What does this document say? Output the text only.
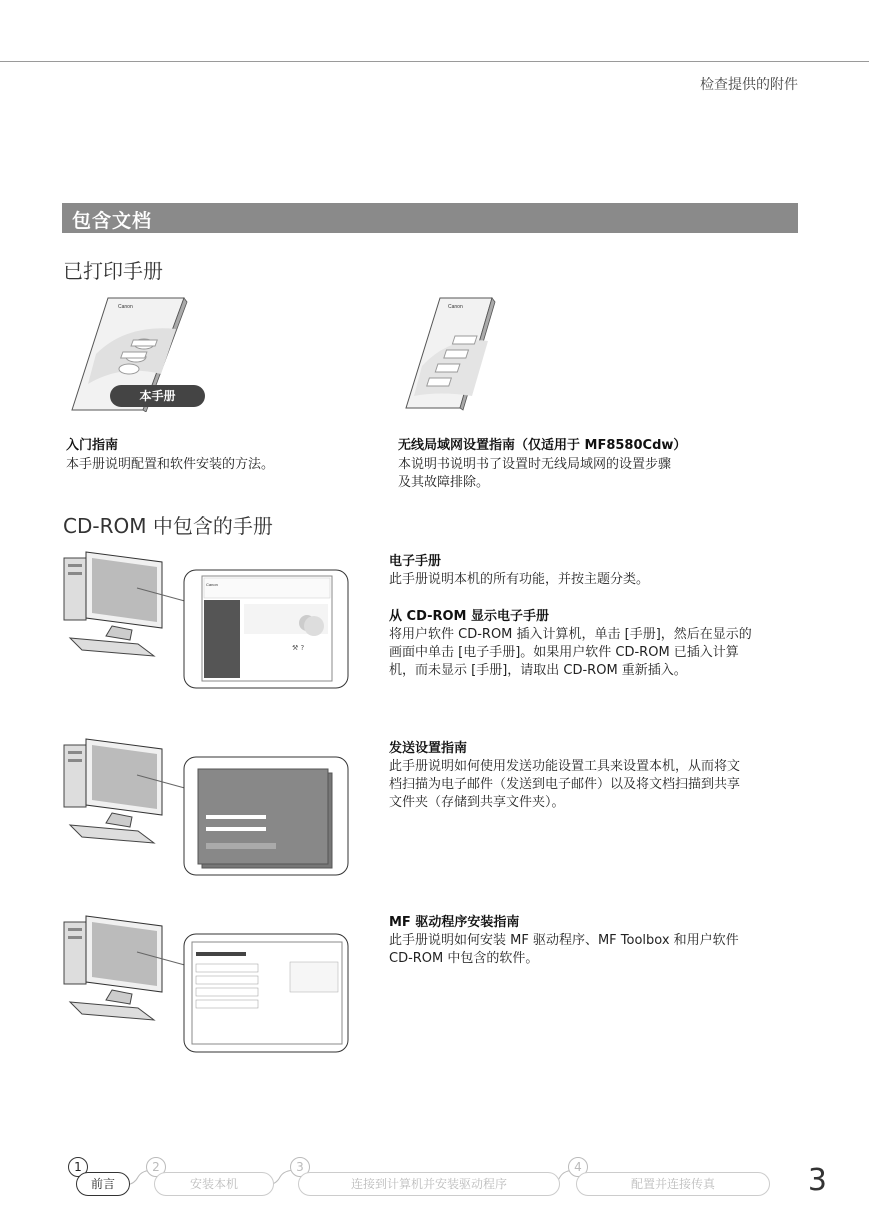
检查提供的附件
包含文档
已打印手册
Canon
本手册
Canon
入门指南
本手册说明配置和软件安装的方法。
无线局域网设置指南（仅适用于 MF8580Cdw）
本说明书说明书了设置时无线局域网的设置步骤
及其故障排除。
CD-ROM 中包含的手册
Canon
⚒ ?
电子手册
此手册说明本机的所有功能，并按主题分类。
从 CD-ROM 显示电子手册
将用户软件 CD-ROM 插入计算机，单击 [手册]，然后在显示的
画面中单击 [电子手册]。如果用户软件 CD-ROM 已插入计算
机，而未显示 [手册]，请取出 CD-ROM 重新插入。
发送设置指南
此手册说明如何使用发送功能设置工具来设置本机，从而将文
档扫描为电子邮件（发送到电子邮件）以及将文档扫描到共享
文件夹（存储到共享文件夹）。
MF 驱动程序安装指南
此手册说明如何安装 MF 驱动程序、MF Toolbox 和用户软件
CD-ROM 中包含的软件。
1
前言
2
安装本机
3
连接到计算机并安装驱动程序
4
配置并连接传真	3
